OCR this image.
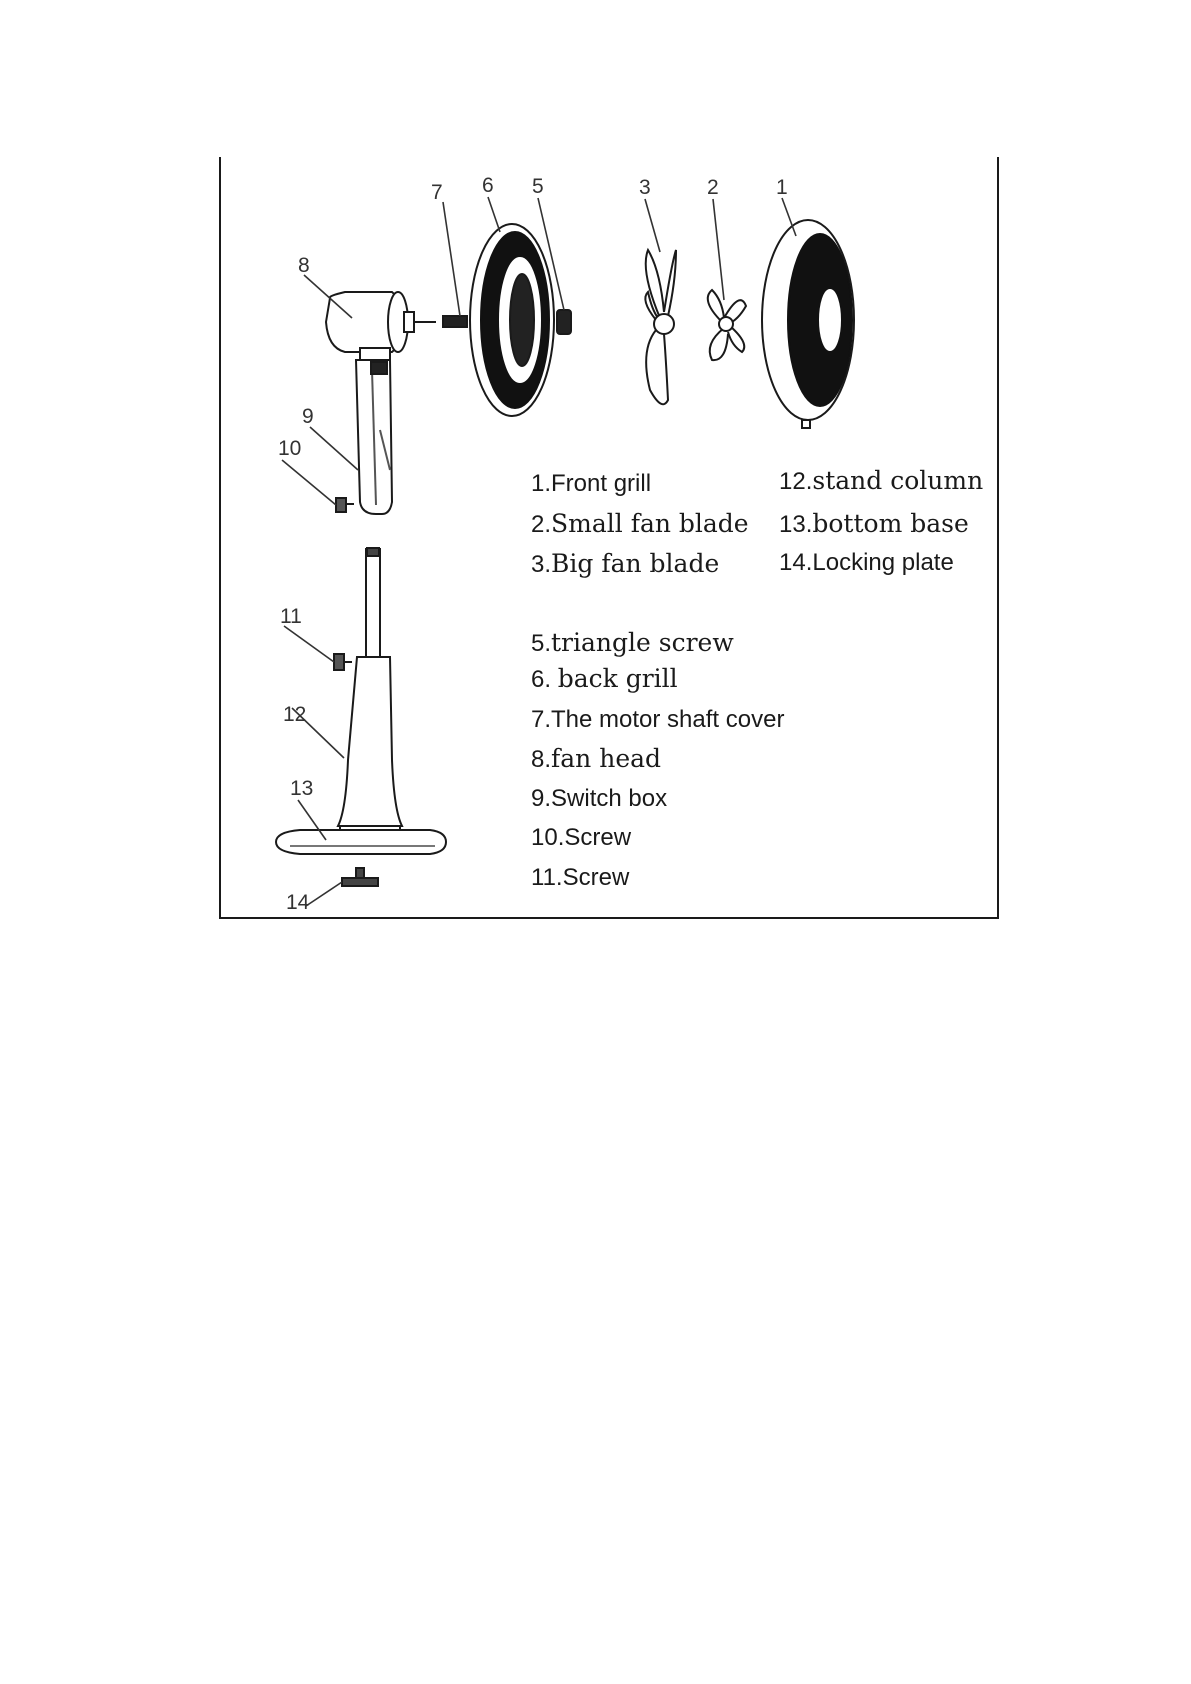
1
2
3
5
6
7
8
9
10
11
12
13
14
1.Front grill
2.Small fan blade
3.Big fan blade
5.triangle screw
6. back grill
7.The motor shaft cover
8.fan head
9.Switch box
10.Screw
11.Screw
12.stand column
13.bottom base
14.Locking plate
